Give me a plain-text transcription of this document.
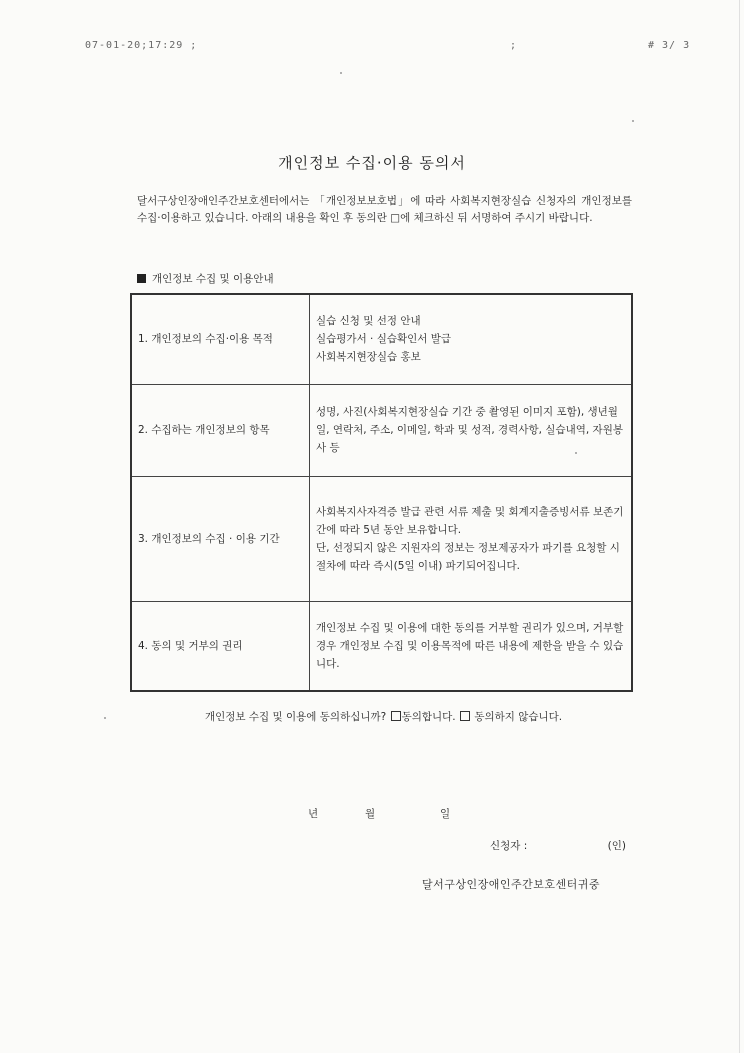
07-01-20;17:29 ;	;	# 3/ 3
개인정보 수집·이용 동의서
달서구상인장애인주간보호센터에서는 「개인정보보호법」에 따라 사회복지현장실습 신청자의 개인정보를 수집·이용하고 있습니다. 아래의 내용을 확인 후 동의란 □에 체크하신 뒤 서명하여 주시기 바랍니다.
개인정보 수집 및 이용안내
1. 개인정보의 수집·이용 목적	실습 신청 및 선정 안내
실습평가서 · 실습확인서 발급
사회복지현장실습 홍보

2. 수집하는 개인정보의 항목	성명, 사진(사회복지현장실습 기간 중 촬영된 이미지 포함), 생년월일, 연락처, 주소, 이메일, 학과 및 성적, 경력사항, 실습내역, 자원봉사 등

3. 개인정보의 수집 · 이용 기간	사회복지사자격증 발급 관련 서류 제출 및 회계지출증빙서류 보존기간에 따라 5년 동안 보유합니다.
단, 선정되지 않은 지원자의 정보는 정보제공자가 파기를 요청할 시 절차에 따라 즉시(5일 이내) 파기되어집니다.

4. 동의 및 거부의 권리	개인정보 수집 및 이용에 대한 동의를 거부할 권리가 있으며, 거부할 경우 개인정보 수집 및 이용목적에 따른 내용에 제한을 받을 수 있습니다.
개인정보 수집 및 이용에 동의하십니까? 동의합니다. 동의하지 않습니다.
년	월	일
신청자 :	(인)
달서구상인장애인주간보호센터귀중
